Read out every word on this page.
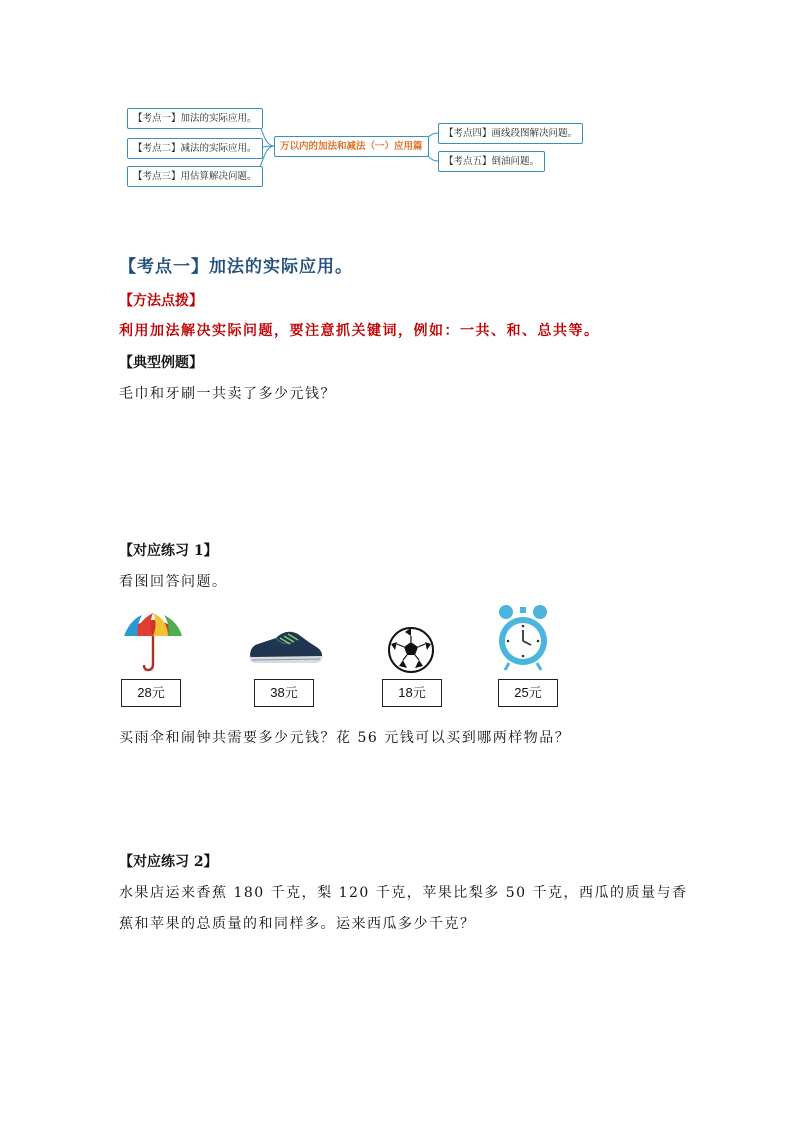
【考点一】加法的实际应用。
【考点二】减法的实际应用。
【考点三】用估算解决问题。
万以内的加法和减法（一）应用篇
【考点四】画线段图解决问题。
【考点五】倒油问题。
【考点一】加法的实际应用。
【方法点拨】
利用加法解决实际问题，要注意抓关键词，例如：一共、和、总共等。
【典型例题】
毛巾和牙刷一共卖了多少元钱？
【对应练习 1】
看图回答问题。
28元	38元	18元	25元
买雨伞和闹钟共需要多少元钱？花 56 元钱可以买到哪两样物品？
【对应练习 2】
水果店运来香蕉 180 千克，梨 120 千克，苹果比梨多 50 千克，西瓜的质量与香
蕉和苹果的总质量的和同样多。运来西瓜多少千克？
